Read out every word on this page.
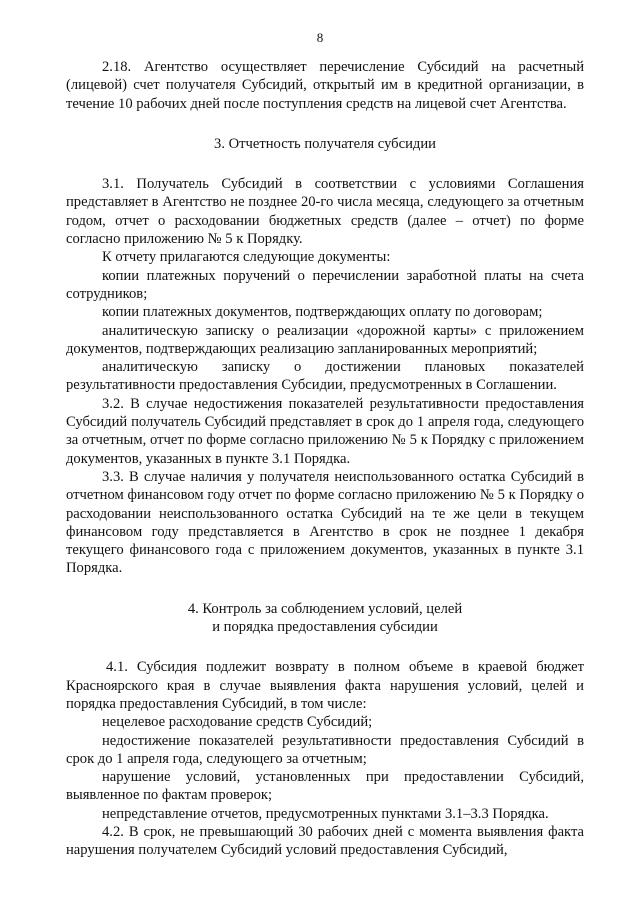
8

2.18. Агентство осуществляет перечисление Субсидий на расчетный (лицевой) счет получателя Субсидий, открытый им в кредитной организации, в течение 10 рабочих дней после поступления средств на лицевой счет Агентства.

3. Отчетность получателя субсидии

3.1. Получатель Субсидий в соответствии с условиями Соглашения представляет в Агентство не позднее 20-го числа месяца, следующего за отчетным годом, отчет о расходовании бюджетных средств (далее – отчет) по форме согласно приложению № 5 к Порядку.

К отчету прилагаются следующие документы:

копии платежных поручений о перечислении заработной платы на счета сотрудников;

копии платежных документов, подтверждающих оплату по договорам;

аналитическую записку о реализации «дорожной карты» с приложением документов, подтверждающих реализацию запланированных мероприятий;

аналитическую записку о достижении плановых показателей результативности предоставления Субсидии, предусмотренных в Соглашении.

3.2. В случае недостижения показателей результативности предоставления Субсидий получатель Субсидий представляет в срок до 1 апреля года, следующего за отчетным, отчет по форме согласно приложению № 5 к Порядку с приложением документов, указанных в пункте 3.1 Порядка.

3.3. В случае наличия у получателя неиспользованного остатка Субсидий в отчетном финансовом году отчет по форме согласно приложению № 5 к Порядку о расходовании неиспользованного остатка Субсидий на те же цели в текущем финансовом году представляется в Агентство в срок не позднее 1 декабря текущего финансового года с приложением документов, указанных в пункте 3.1 Порядка.

4. Контроль за соблюдением условий, целей

и порядка предоставления субсидии

4.1. Субсидия подлежит возврату в полном объеме в краевой бюджет Красноярского края в случае выявления факта нарушения условий, целей и порядка предоставления Субсидий, в том числе:

нецелевое расходование средств Субсидий;

недостижение показателей результативности предоставления Субсидий в срок до 1 апреля года, следующего за отчетным;

нарушение условий, установленных при предоставлении Субсидий, выявленное по фактам проверок;

непредставление отчетов, предусмотренных пунктами 3.1–3.3 Порядка.

4.2. В срок, не превышающий 30 рабочих дней с момента выявления факта нарушения получателем Субсидий условий предоставления Субсидий,
